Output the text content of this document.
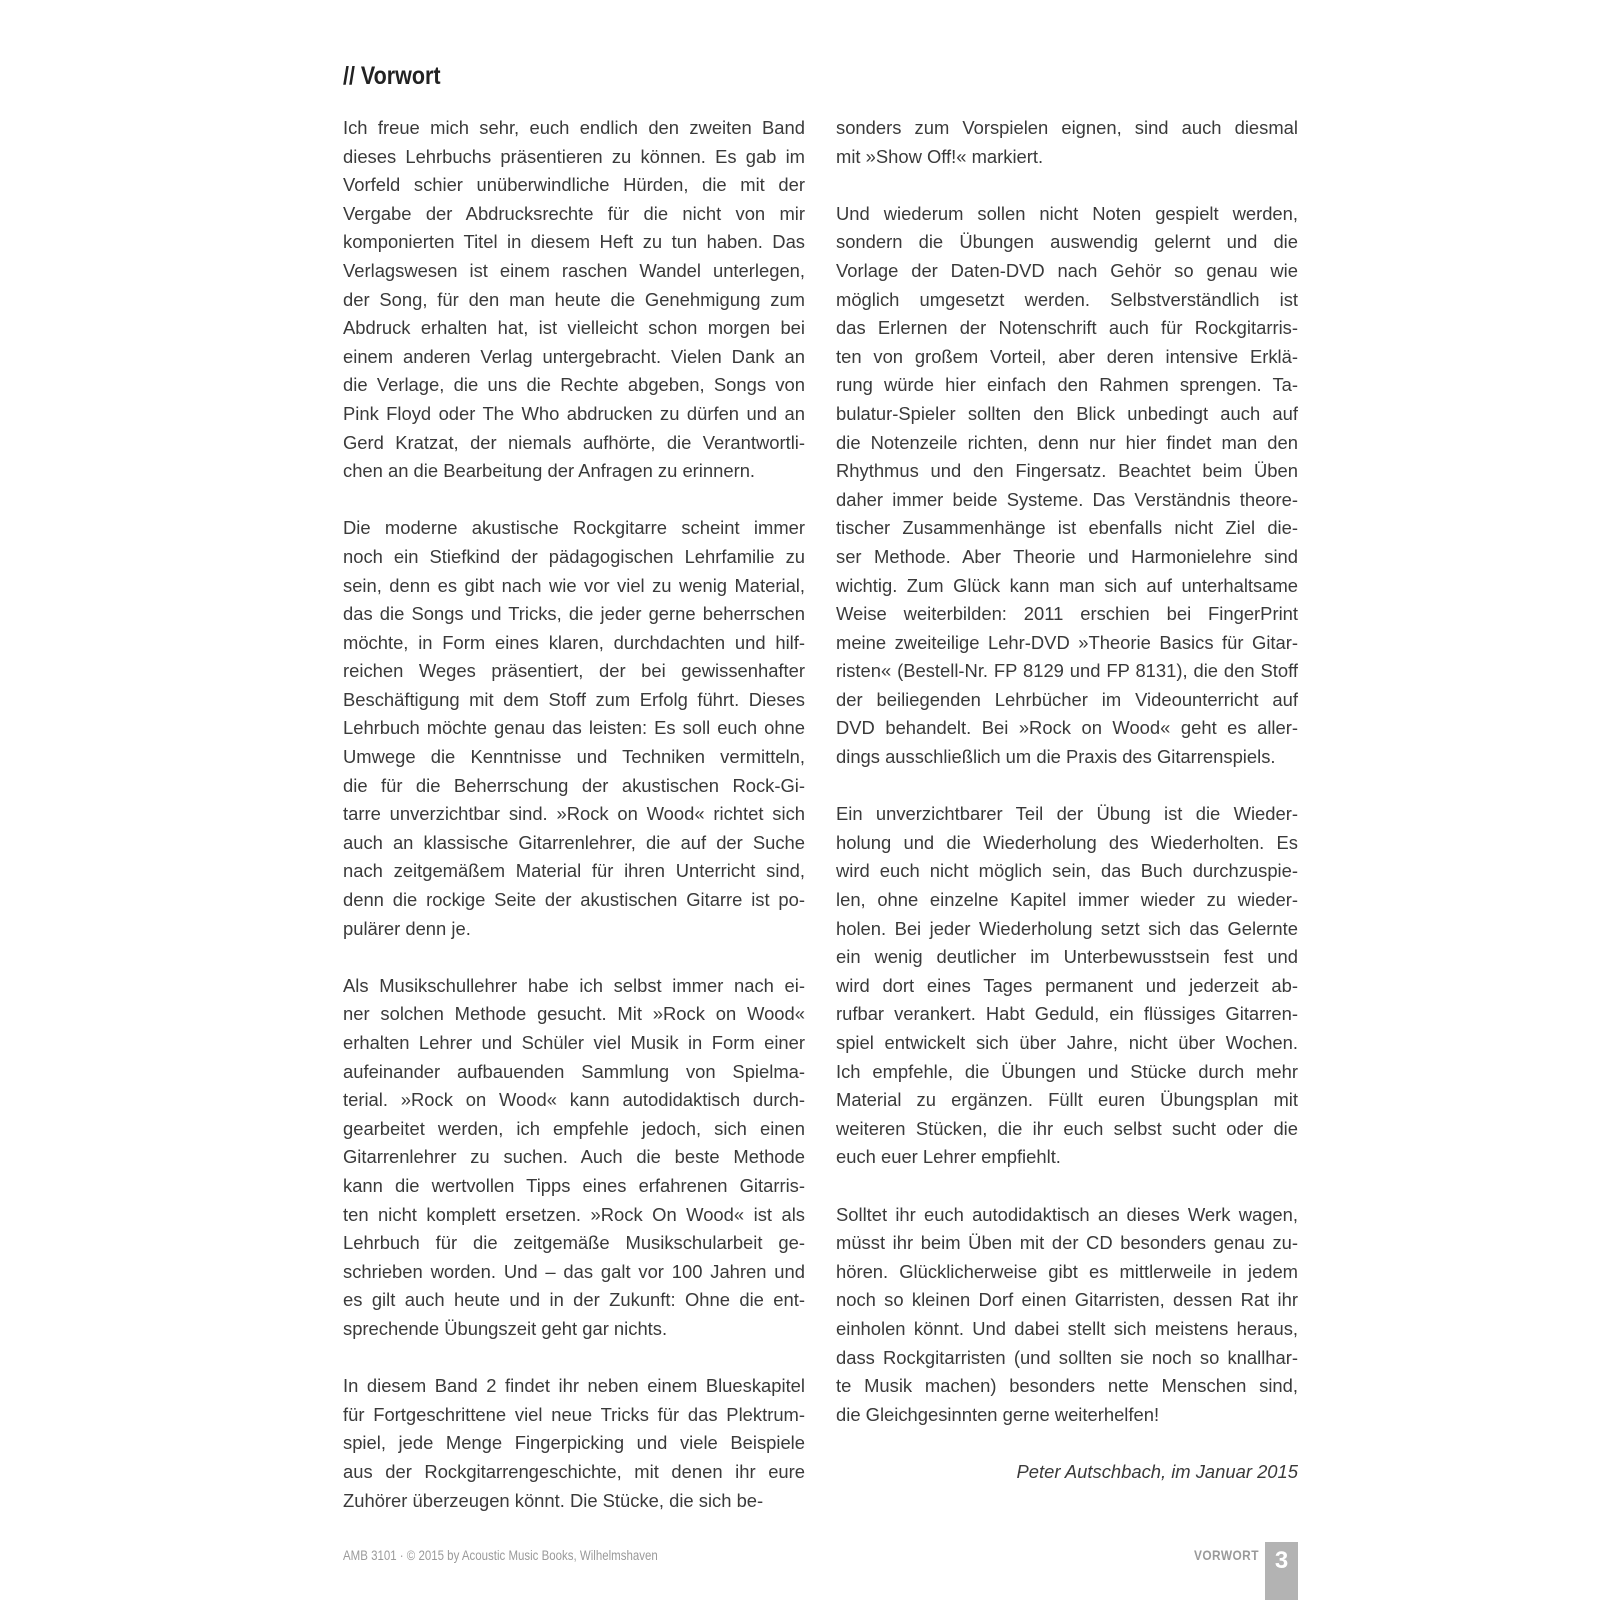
// Vorwort
Ich freue mich sehr, euch endlich den zweiten Band
dieses Lehrbuchs präsentieren zu können. Es gab im
Vorfeld schier unüberwindliche Hürden, die mit der
Vergabe der Abdrucksrechte für die nicht von mir
komponierten Titel in diesem Heft zu tun haben. Das
Verlagswesen ist einem raschen Wandel unterlegen,
der Song, für den man heute die Genehmigung zum
Abdruck erhalten hat, ist vielleicht schon morgen bei
einem anderen Verlag untergebracht. Vielen Dank an
die Verlage, die uns die Rechte abgeben, Songs von
Pink Floyd oder The Who abdrucken zu dürfen und an
Gerd Kratzat, der niemals aufhörte, die Verantwortli-
chen an die Bearbeitung der Anfragen zu erinnern.
Die moderne akustische Rockgitarre scheint immer
noch ein Stiefkind der pädagogischen Lehrfamilie zu
sein, denn es gibt nach wie vor viel zu wenig Material,
das die Songs und Tricks, die jeder gerne beherrschen
möchte, in Form eines klaren, durchdachten und hilf-
reichen Weges präsentiert, der bei gewissenhafter
Beschäftigung mit dem Stoff zum Erfolg führt. Dieses
Lehrbuch möchte genau das leisten: Es soll euch ohne
Umwege die Kenntnisse und Techniken vermitteln,
die für die Beherrschung der akustischen Rock-Gi-
tarre unverzichtbar sind. »Rock on Wood« richtet sich
auch an klassische Gitarrenlehrer, die auf der Suche
nach zeitgemäßem Material für ihren Unterricht sind,
denn die rockige Seite der akustischen Gitarre ist po-
pulärer denn je.
Als Musikschullehrer habe ich selbst immer nach ei-
ner solchen Methode gesucht. Mit »Rock on Wood«
erhalten Lehrer und Schüler viel Musik in Form einer
aufeinander aufbauenden Sammlung von Spielma-
terial. »Rock on Wood« kann autodidaktisch durch-
gearbeitet werden, ich empfehle jedoch, sich einen
Gitarrenlehrer zu suchen. Auch die beste Methode
kann die wertvollen Tipps eines erfahrenen Gitarris-
ten nicht komplett ersetzen. »Rock On Wood« ist als
Lehrbuch für die zeitgemäße Musikschularbeit ge-
schrieben worden. Und – das galt vor 100 Jahren und
es gilt auch heute und in der Zukunft: Ohne die ent-
sprechende Übungszeit geht gar nichts.
In diesem Band 2 findet ihr neben einem Blueskapitel
für Fortgeschrittene viel neue Tricks für das Plektrum-
spiel, jede Menge Fingerpicking und viele Beispiele
aus der Rockgitarrengeschichte, mit denen ihr eure
Zuhörer überzeugen könnt. Die Stücke, die sich be-
sonders zum Vorspielen eignen, sind auch diesmal
mit »Show Off!« markiert.
Und wiederum sollen nicht Noten gespielt werden,
sondern die Übungen auswendig gelernt und die
Vorlage der Daten-DVD nach Gehör so genau wie
möglich umgesetzt werden. Selbstverständlich ist
das Erlernen der Notenschrift auch für Rockgitarris-
ten von großem Vorteil, aber deren intensive Erklä-
rung würde hier einfach den Rahmen sprengen. Ta-
bulatur-Spieler sollten den Blick unbedingt auch auf
die Notenzeile richten, denn nur hier findet man den
Rhythmus und den Fingersatz. Beachtet beim Üben
daher immer beide Systeme. Das Verständnis theore-
tischer Zusammenhänge ist ebenfalls nicht Ziel die-
ser Methode. Aber Theorie und Harmonielehre sind
wichtig. Zum Glück kann man sich auf unterhaltsame
Weise weiterbilden: 2011 erschien bei FingerPrint
meine zweiteilige Lehr-DVD »Theorie Basics für Gitar-
risten« (Bestell-Nr. FP 8129 und FP 8131), die den Stoff
der beiliegenden Lehrbücher im Videounterricht auf
DVD behandelt. Bei »Rock on Wood« geht es aller-
dings ausschließlich um die Praxis des Gitarrenspiels.
Ein unverzichtbarer Teil der Übung ist die Wieder-
holung und die Wiederholung des Wiederholten. Es
wird euch nicht möglich sein, das Buch durchzuspie-
len, ohne einzelne Kapitel immer wieder zu wieder-
holen. Bei jeder Wiederholung setzt sich das Gelernte
ein wenig deutlicher im Unterbewusstsein fest und
wird dort eines Tages permanent und jederzeit ab-
rufbar verankert. Habt Geduld, ein flüssiges Gitarren-
spiel entwickelt sich über Jahre, nicht über Wochen.
Ich empfehle, die Übungen und Stücke durch mehr
Material zu ergänzen. Füllt euren Übungsplan mit
weiteren Stücken, die ihr euch selbst sucht oder die
euch euer Lehrer empfiehlt.
Solltet ihr euch autodidaktisch an dieses Werk wagen,
müsst ihr beim Üben mit der CD besonders genau zu-
hören. Glücklicherweise gibt es mittlerweile in jedem
noch so kleinen Dorf einen Gitarristen, dessen Rat ihr
einholen könnt. Und dabei stellt sich meistens heraus,
dass Rockgitarristen (und sollten sie noch so knallhar-
te Musik machen) besonders nette Menschen sind,
die Gleichgesinnten gerne weiterhelfen!
Peter Autschbach, im Januar 2015
AMB 3101 · © 2015 by Acoustic Music Books, Wilhelmshaven	VORWORT 3
